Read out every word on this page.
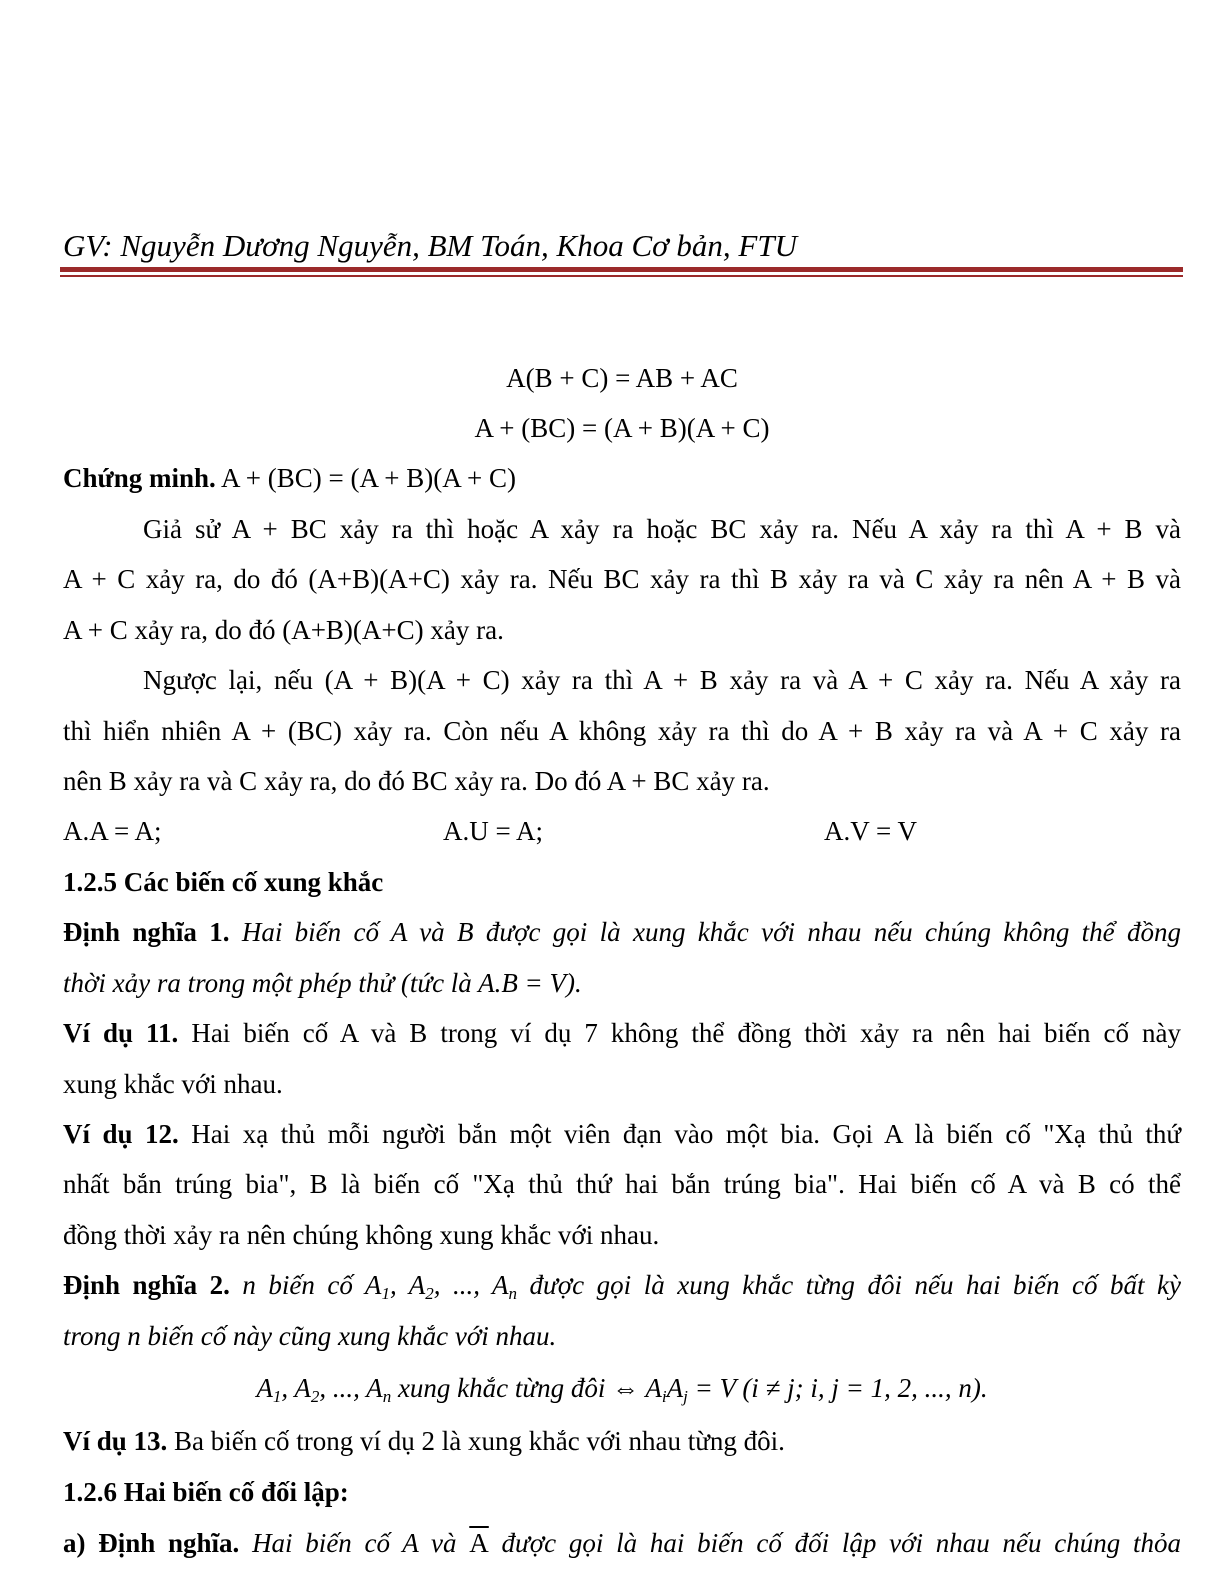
GV: Nguyễn Dương Nguyễn, BM Toán, Khoa Cơ bản, FTU
A(B + C) = AB + AC
A + (BC) = (A + B)(A + C)
Chứng minh. A + (BC) = (A + B)(A + C)
Giả sử A + BC xảy ra thì hoặc A xảy ra hoặc BC xảy ra. Nếu A xảy ra thì A + B và
A + C xảy ra, do đó (A+B)(A+C) xảy ra. Nếu BC xảy ra thì B xảy ra và C xảy ra nên A + B và
A + C xảy ra, do đó (A+B)(A+C) xảy ra.
Ngược lại, nếu (A + B)(A + C) xảy ra thì A + B xảy ra và A + C xảy ra. Nếu A xảy ra
thì hiển nhiên A + (BC) xảy ra. Còn nếu A không xảy ra thì do A + B xảy ra và A + C xảy ra
nên B xảy ra và C xảy ra, do đó BC xảy ra. Do đó A + BC xảy ra.
A.A = A;	A.U = A;	A.V = V
1.2.5 Các biến cố xung khắc
Định nghĩa 1. Hai biến cố A và B được gọi là xung khắc với nhau nếu chúng không thể đồng
thời xảy ra trong một phép thử (tức là A.B = V).
Ví dụ 11. Hai biến cố A và B trong ví dụ 7 không thể đồng thời xảy ra nên hai biến cố này
xung khắc với nhau.
Ví dụ 12. Hai xạ thủ mỗi người bắn một viên đạn vào một bia. Gọi A là biến cố "Xạ thủ thứ
nhất bắn trúng bia", B là biến cố "Xạ thủ thứ hai bắn trúng bia". Hai biến cố A và B có thể
đồng thời xảy ra nên chúng không xung khắc với nhau.
Định nghĩa 2. n biến cố $A_1$, $A_2$, ..., $A_n$ được gọi là xung khắc từng đôi nếu hai biến cố bất kỳ
trong n biến cố này cũng xung khắc với nhau.
$A_1$, $A_2$, ..., $A_n$ xung khắc từng đôi ⇔ $A_iA_j = V$ (i ≠ j; i, j = 1, 2, ..., n).
Ví dụ 13. Ba biến cố trong ví dụ 2 là xung khắc với nhau từng đôi.
1.2.6 Hai biến cố đối lập:
a) Định nghĩa. Hai biến cố A và $\overline{A}$ được gọi là hai biến cố đối lập với nhau nếu chúng thỏa
